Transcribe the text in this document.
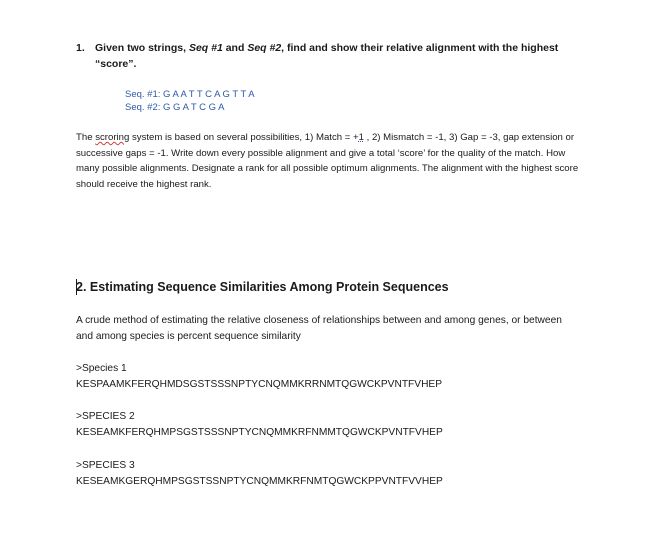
1. Given two strings, Seq #1 and Seq #2, find and show their relative alignment with the highest “score”.
Seq. #1: G A A T T C A G T T A
Seq. #2: G G A T C G A
The scroring system is based on several possibilities, 1) Match = +1 , 2) Mismatch = -1, 3) Gap = -3, gap extension or successive gaps = -1. Write down every possible alignment and give a total ‘score’ for the quality of the match. How many possible alignments. Designate a rank for all possible optimum alignments. The alignment with the highest score should receive the highest rank.
2. Estimating Sequence Similarities Among Protein Sequences
A crude method of estimating the relative closeness of relationships between and among genes, or between and among species is percent sequence similarity
>Species 1
KESPAAMKFERQHMDSGSTSSSNPTYCNQMMKRRNMTQGWCKPVNTFVHEP
>SPECIES 2
KESEAMKFERQHMPSGSTSSSNPTYCNQMMKRFNMMTQGWCKPVNTFVHEP
>SPECIES 3
KESEAMKGERQHMPSGSTSSNPTYCNQMMKRFNMTQGWCKPPVNTFVVHEP
